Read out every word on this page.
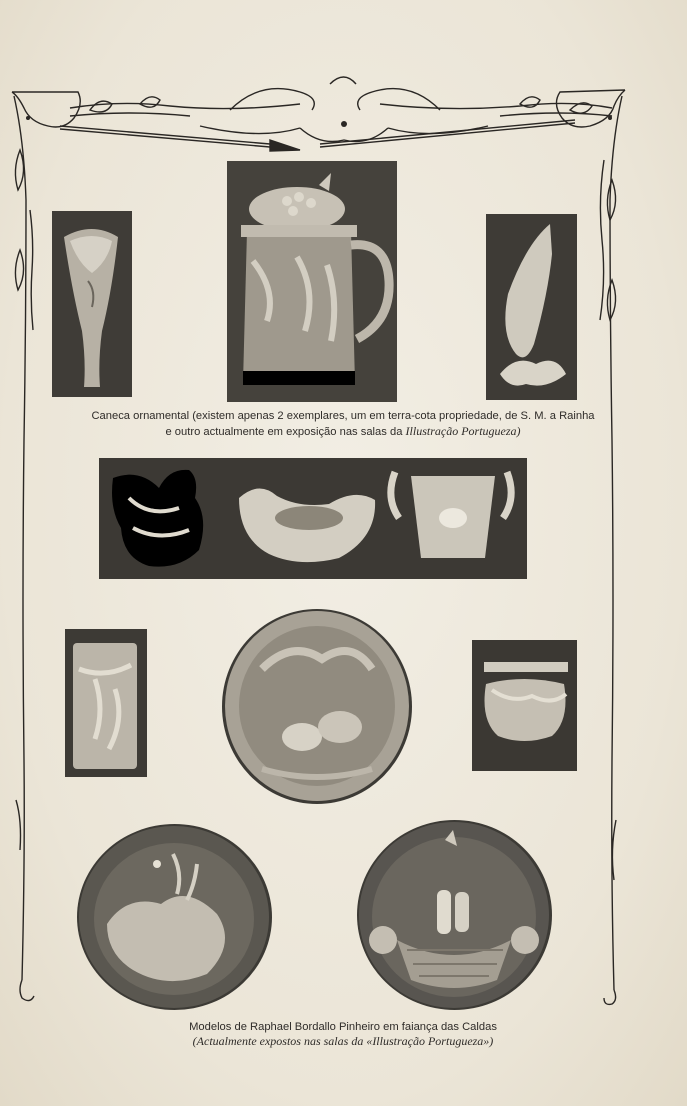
Caneca ornamental (existem apenas 2 exemplares, um em terra-cota propriedade, de S. M. a Rainha
e outro actualmente em exposição nas salas da Illustração Portugueza)
Modelos de Raphael Bordallo Pinheiro em faiança das Caldas
(Actualmente expostos nas salas da «Illustração Portugueza»)
